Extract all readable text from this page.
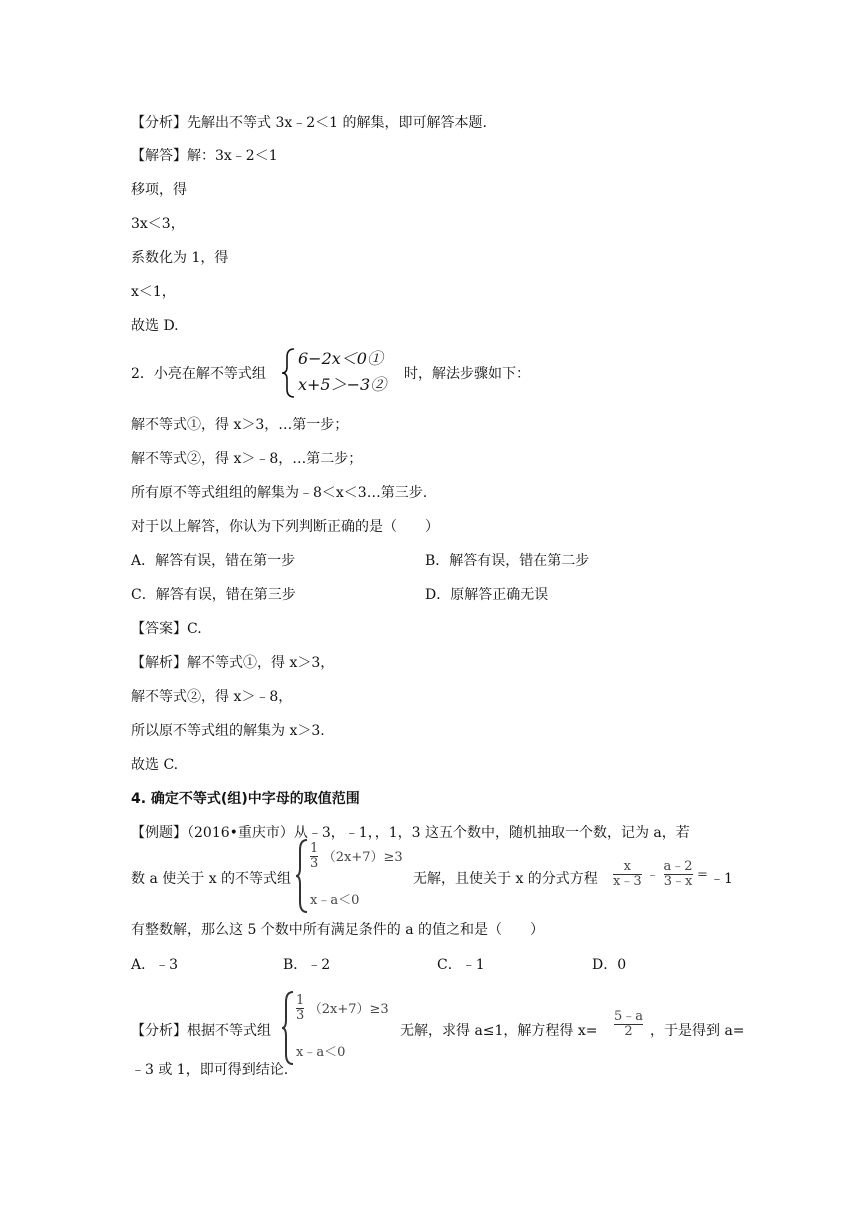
【分析】先解出不等式 3x﹣2＜1 的解集，即可解答本题.
【解答】解：3x﹣2＜1
移项，得
3x＜3，
系数化为 1，得
x＜1，
故选 D.
2．小亮在解不等式组
6−2x＜0①
x+5＞−3②
时，解法步骤如下：
解不等式①，得 x＞3，…第一步；
解不等式②，得 x＞﹣8，…第二步；
所有原不等式组组的解集为﹣8＜x＜3…第三步.
对于以上解答，你认为下列判断正确的是（　　）
A．解答有误，错在第一步	B．解答有误，错在第二步
C．解答有误，错在第三步	D．原解答正确无误
【答案】C.
【解析】解不等式①，得 x＞3，
解不等式②，得 x＞﹣8，
所以原不等式组的解集为 x＞3.
故选 C.
4. 确定不等式(组)中字母的取值范围
【例题】（2016•重庆市）从﹣3，﹣1，，1，3 这五个数中，随机抽取一个数，记为 a，若
数 a 使关于 x 的不等式组
$\frac{1}{3} (2x+7)\ge 3$
x﹣a＜0
无解，且使关于 x 的分式方程 $\frac{x}{x﹣3}$ ﹣ $\frac{a﹣2}{3﹣x}$ = ﹣1
有整数解，那么这 5 个数中所有满足条件的 a 的值之和是（　　）
A．﹣3	B．﹣2	C．﹣1	D．0
【分析】根据不等式组
$\frac{1}{3} (2x+7)\ge 3$
x﹣a＜0
无解，求得 a≤1，解方程得 $x= \frac{5﹣a}{2}$ ，于是得到 a=
﹣3 或 1，即可得到结论.
